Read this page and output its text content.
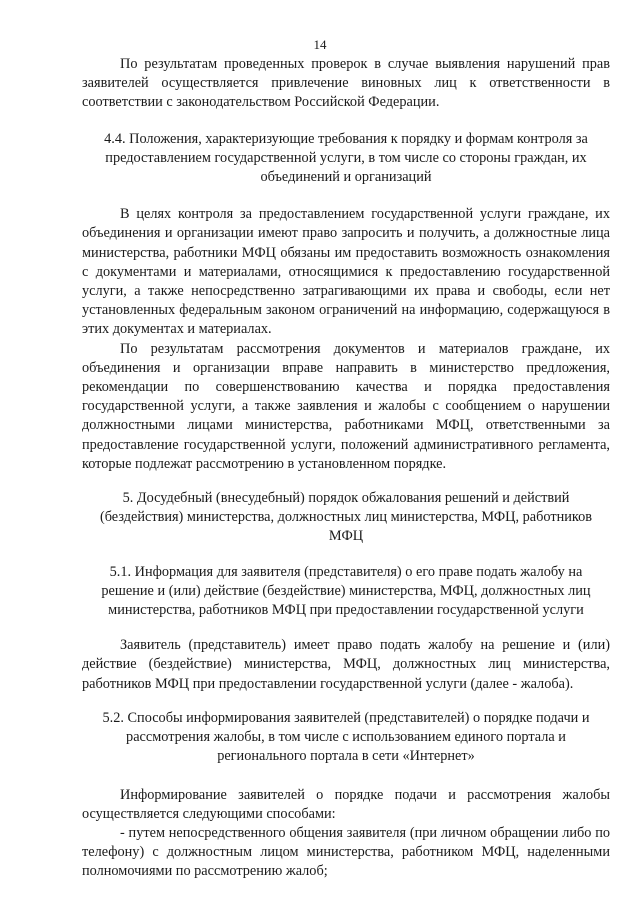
14

По результатам проведенных проверок в случае выявления нарушений прав заявителей осуществляется привлечение виновных лиц к ответственности в соответствии с законодательством Российской Федерации.

4.4. Положения, характеризующие требования к порядку и формам контроля за предоставлением государственной услуги, в том числе со стороны граждан, их объединений и организаций

В целях контроля за предоставлением государственной услуги граждане, их объединения и организации имеют право запросить и получить, а должностные лица министерства, работники МФЦ обязаны им предоставить возможность ознакомления с документами и материалами, относящимися к предоставлению государственной услуги, а также непосредственно затрагивающими их права и свободы, если нет установленных федеральным законом ограничений на информацию, содержащуюся в этих документах и материалах.

По результатам рассмотрения документов и материалов граждане, их объединения и организации вправе направить в министерство предложения, рекомендации по совершенствованию качества и порядка предоставления государственной услуги, а также заявления и жалобы с сообщением о нарушении должностными лицами министерства, работниками МФЦ, ответственными за предоставление государственной услуги, положений административного регламента, которые подлежат рассмотрению в установленном порядке.

5. Досудебный (внесудебный) порядок обжалования решений и действий (бездействия) министерства, должностных лиц министерства, МФЦ, работников МФЦ

5.1. Информация для заявителя (представителя) о его праве подать жалобу на решение и (или) действие (бездействие) министерства, МФЦ, должностных лиц министерства, работников МФЦ при предоставлении государственной услуги

Заявитель (представитель) имеет право подать жалобу на решение и (или) действие (бездействие) министерства, МФЦ, должностных лиц министерства, работников МФЦ при предоставлении государственной услуги (далее - жалоба).

5.2. Способы информирования заявителей (представителей) о порядке подачи и рассмотрения жалобы, в том числе с использованием единого портала и регионального портала в сети «Интернет»

Информирование заявителей о порядке подачи и рассмотрения жалобы осуществляется следующими способами:

- путем непосредственного общения заявителя (при личном обращении либо по телефону) с должностным лицом министерства, работником МФЦ, наделенными полномочиями по рассмотрению жалоб;
